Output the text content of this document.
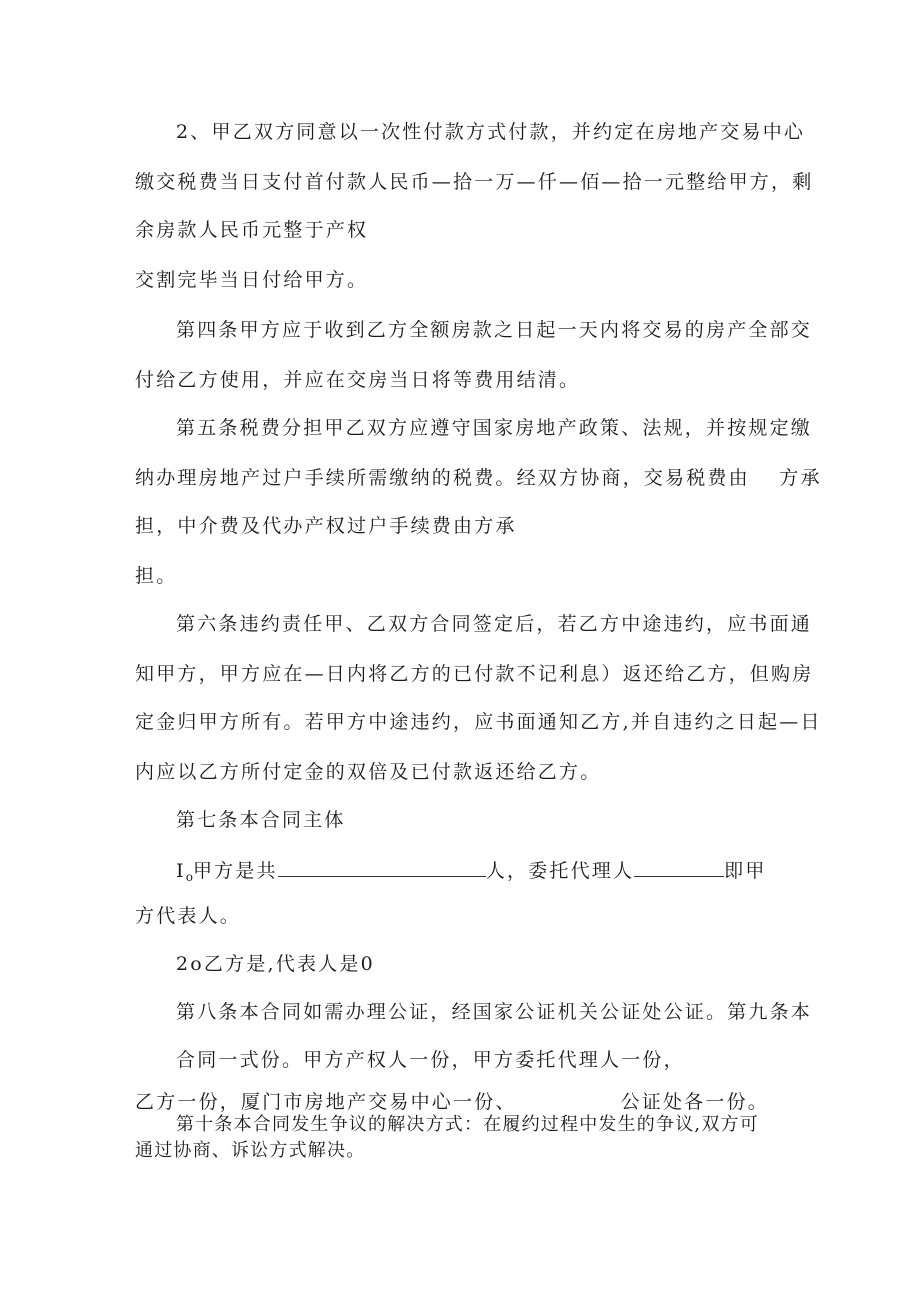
2、甲乙双方同意以一次性付款方式付款，并约定在房地产交易中心
缴交税费当日支付首付款人民币—拾一万—仟—佰—拾一元整给甲方，剩
余房款人民币元整于产权
交割完毕当日付给甲方。
第四条甲方应于收到乙方全额房款之日起一天内将交易的房产全部交
付给乙方使用，并应在交房当日将等费用结清。
第五条税费分担甲乙双方应遵守国家房地产政策、法规，并按规定缴
纳办理房地产过户手续所需缴纳的税费。经双方协商，交易税费由　 方承
担，中介费及代办产权过户手续费由方承
担。
第六条违约责任甲、乙双方合同签定后，若乙方中途违约，应书面通
知甲方，甲方应在—日内将乙方的已付款不记利息）返还给乙方，但购房
定金归甲方所有。若甲方中途违约，应书面通知乙方,并自违约之日起—日
内应以乙方所付定金的双倍及已付款返还给乙方。
第七条本合同主体
$I_o$甲方是共	人，委托代理人	即甲
方代表人。
2o乙方是,代表人是0
第八条本合同如需办理公证，经国家公证机关公证处公证。第九条本
合同一式份。甲方产权人一份，甲方委托代理人一份，
乙方一份，厦门市房地产交易中心一份、	公证处各一份。
第十条本合同发生争议的解决方式：在履约过程中发生的争议,双方可
通过协商、诉讼方式解决。
